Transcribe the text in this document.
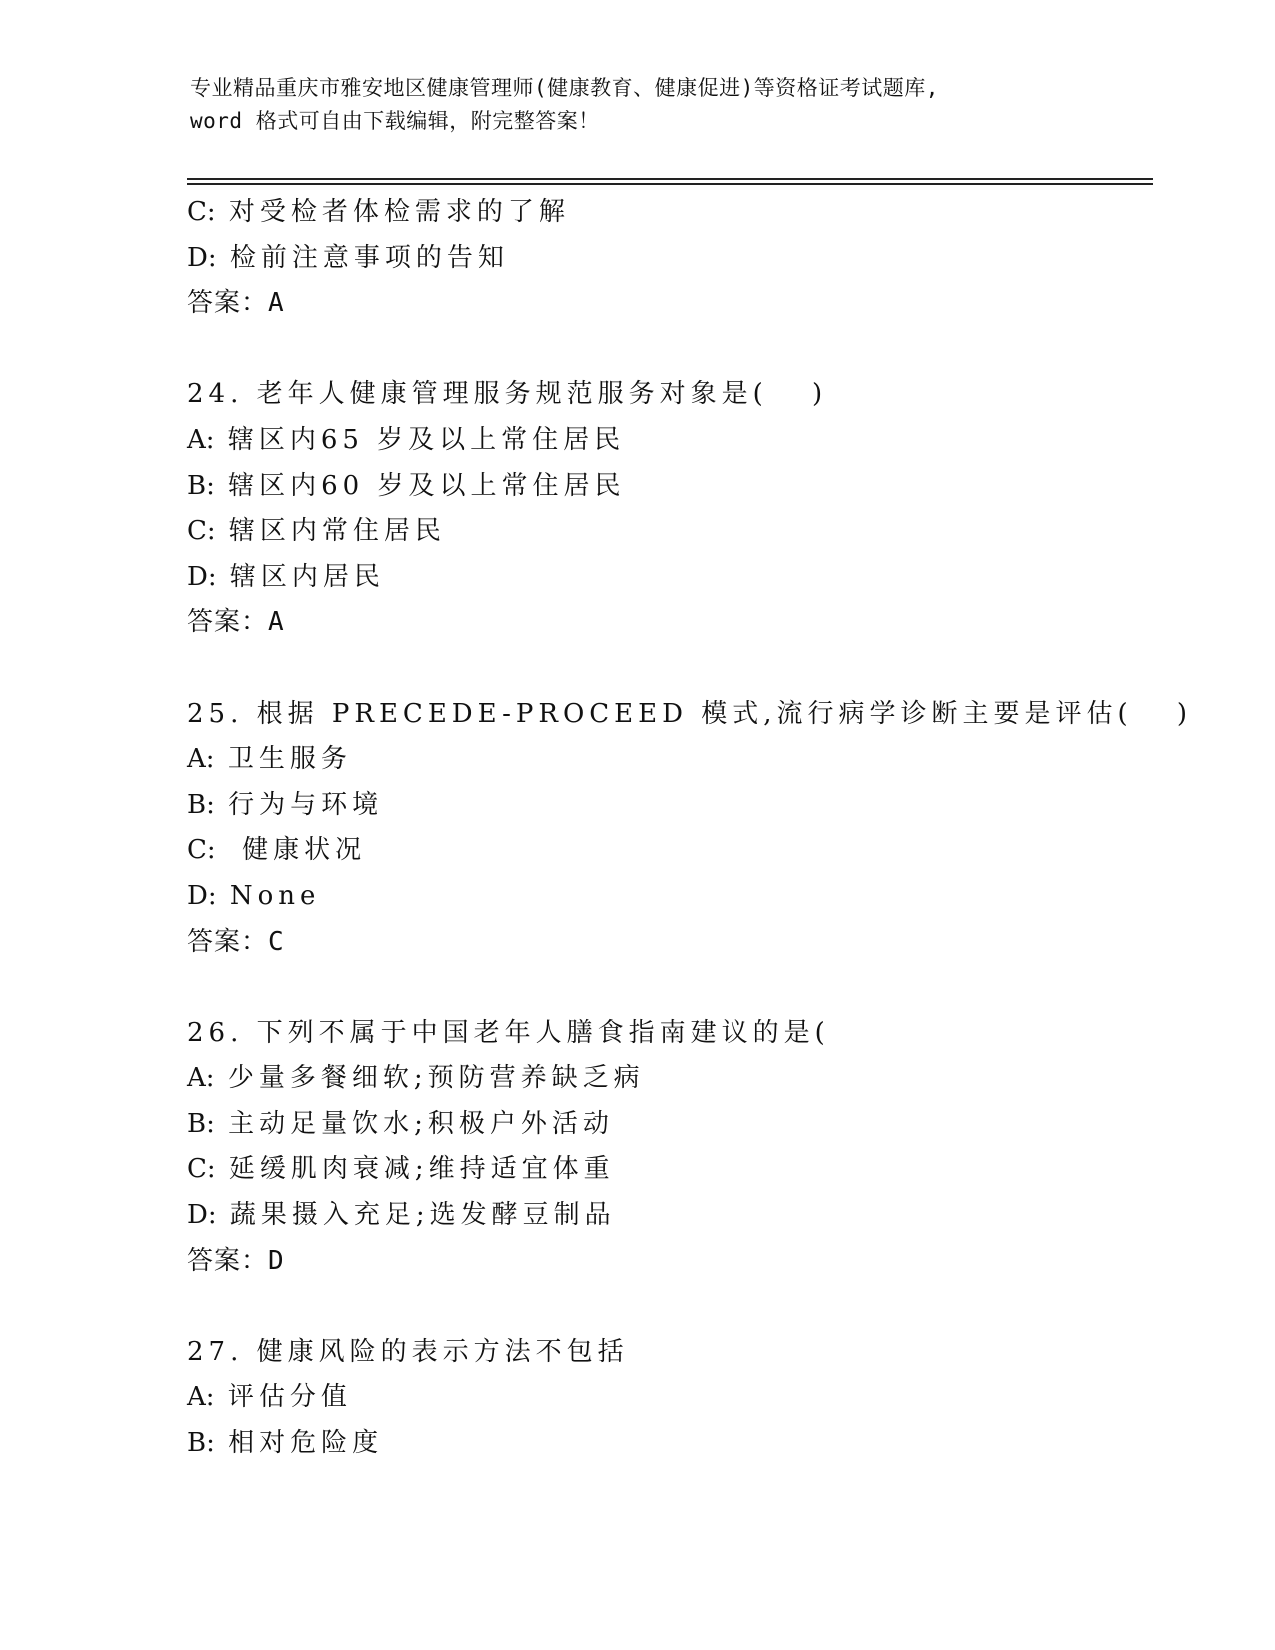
专业精品重庆市雅安地区健康管理师(健康教育、健康促进)等资格证考试题库,
word 格式可自由下载编辑，附完整答案！
C: 对受检者体检需求的了解
D: 检前注意事项的告知
答案：A
24. 老年人健康管理服务规范服务对象是(　 )
A: 辖区内65 岁及以上常住居民
B: 辖区内60 岁及以上常住居民
C: 辖区内常住居民
D: 辖区内居民
答案：A
25. 根据 PRECEDE-PROCEED 模式,流行病学诊断主要是评估(　 )
A: 卫生服务
B: 行为与环境
C:  健康状况
D: None
答案：C
26. 下列不属于中国老年人膳食指南建议的是(
A: 少量多餐细软;预防营养缺乏病
B: 主动足量饮水;积极户外活动
C: 延缓肌肉衰减;维持适宜体重
D: 蔬果摄入充足;选发酵豆制品
答案：D
27. 健康风险的表示方法不包括
A: 评估分值
B: 相对危险度
